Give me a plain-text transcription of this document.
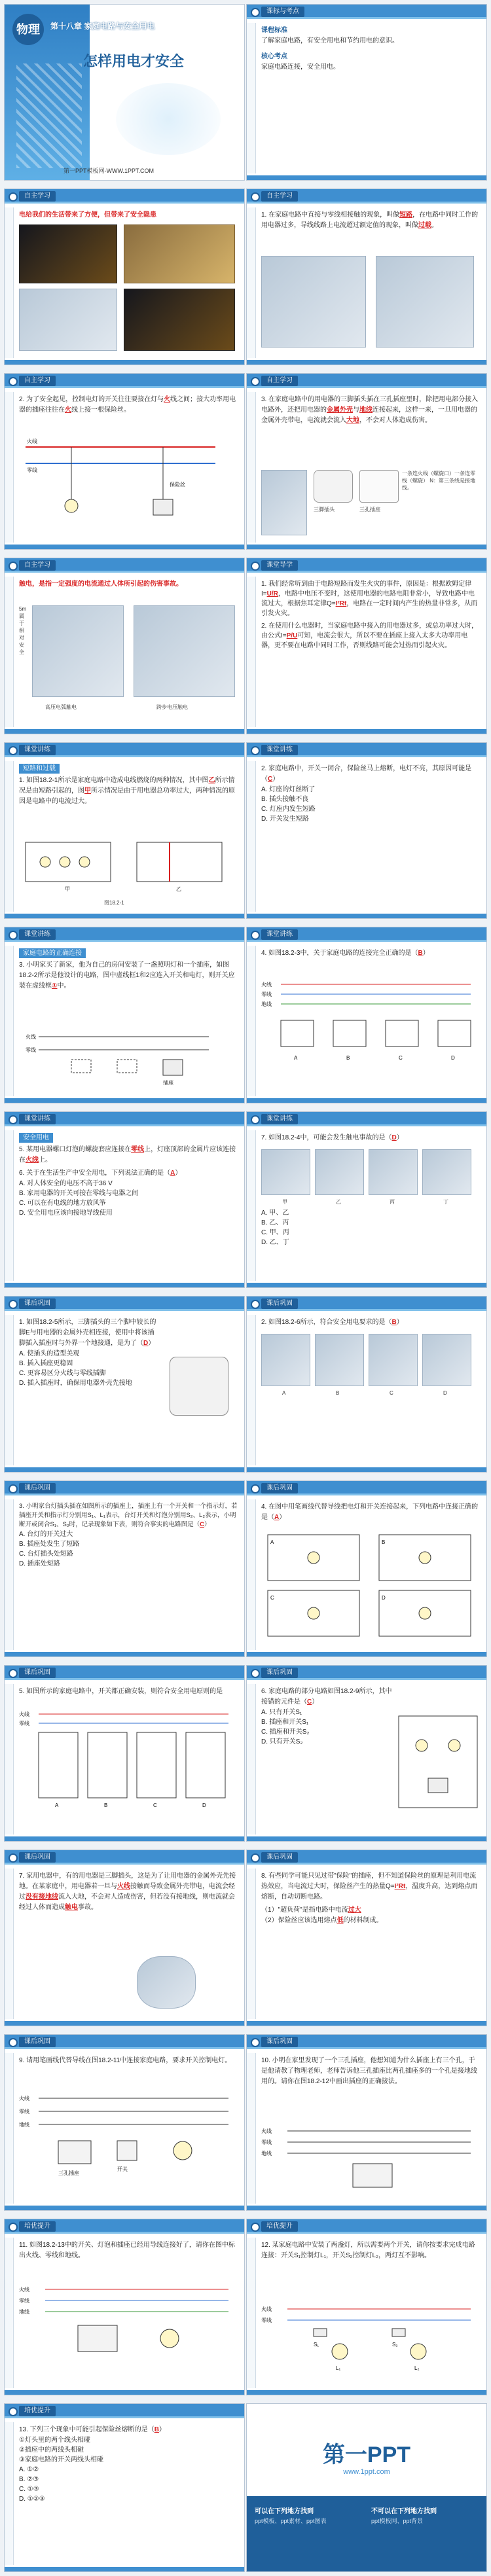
物理	第十八章 家庭电路与安全用电
怎样用电才安全
第一PPT模板网-WWW.1PPT.COM
课标与考点
课程标准
了解家庭电路，有安全用电和节约用电的意识。
核心考点
家庭电路连接，安全用电。
自主学习
电给我们的生活带来了方便，但带来了安全隐患
自主学习
1. 在家庭电路中直接与零线相接触的现象，叫做短路，在电路中同时工作的用电器过多，导线线路上电流超过额定值的现象，叫做过载。
自主学习
2. 为了安全起见，控制电灯的开关往往要接在灯与火线之间；接大功率用电器的插座往往在火线上接一根保险丝。
火线
零线
保险丝
自主学习
3. 在家庭电路中的用电器的三脚插头插在三孔插座里时，除把用电部分接入电路外，还把用电器的金属外壳与地线连接起来，这样一来，一旦用电器的金属外壳带电，电流就会流入大地，不会对人体造成伤害。
三脚插头	三孔插座
一条连火线（螺旋口）一条连零线（螺旋） N：第三条线是接地线。
自主学习
触电，是指一定强度的电流通过人体所引起的伤害事故。
5m属于相对安全
高压电弧触电	跨步电压触电
课堂导学
1. 我们经常听到由于电路短路而发生火灾的事件，原因是：根据欧姆定律I=U/R，电路中电压不变时，这使用电器的电路电阻非常小，导致电路中电流过大，根据焦耳定律Q=I²Rt，电路在一定时间内产生的热量非常多，从而引发火灾。
2. 在使用什么电器时，当家庭电路中接入的用电器过多，或总功率过大时，由公式I=P/U可知，电流会很大，所以不要在插座上接入太多大功率用电器，更不要在电路中同时工作，否则线路可能会过热而引起火灾。
课堂讲练
短路和过载
1. 如图18.2-1所示是家庭电路中造成电线燃烧的两种情况，其中图乙所示情况是由短路引起的，图甲所示情况是由于用电器总功率过大，两种情况的原因是电路中的电流过大。
甲	乙
图18.2-1
课堂讲练
2. 家庭电路中，开关一闭合，保险丝马上熔断，电灯不亮，其原因可能是（C）
A. 灯座的灯丝断了
B. 插头接触不良
C. 灯座内发生短路
D. 开关发生短路
课堂讲练
家庭电路的正确连接
3. 小明家买了新家，他为自己的房间安装了一盏照明灯和一个插座，如图18.2-2所示是他设计的电路，图中虚线框1和2应连入开关和电灯，则开关应装在虚线框①中。
火线
零线
插座
课堂讲练
4. 如图18.2-3中，关于家庭电路的连接完全正确的是（B）
火线
零线
地线
A	B	C	D
课堂讲练
安全用电
5. 某用电器螺口灯泡的螺旋套应连接在零线上，灯座顶部的金属片应该连接在火线上。
6. 关于在生活生产中安全用电，下列说法正确的是（A）
A. 对人体安全的电压不高于36 V
B. 家用电器的开关可接在零线与电器之间
C. 可以在有电线的地方放风筝
D. 安全用电应该向接地导线使用
课堂讲练
7. 如图18.2-4中，可能会发生触电事故的是（D）
甲	乙	丙	丁
A. 甲、乙
B. 乙、丙
C. 甲、丙
D. 乙、丁
课后巩固
1. 如图18.2-5所示，三脚插头的三个脚中较长的脚E与用电器的金属外壳相连接，使用中将该插脚插入插座时与外界一个地接通，是为了（D）
A. 使插头的造型美观
B. 插入插座更稳固
C. 更容易区分火线与零线插脚
D. 插入插座时，确保用电器外壳先接地
课后巩固
2. 如图18.2-6所示，符合安全用电要求的是（B）
A	B	C	D
课后巩固
3. 小明家台灯插头插在如图所示的插座上，插座上有一个开关和一个指示灯，若插座开关和指示灯分别用S₁、L₁表示，台灯开关和灯泡分别用S₂、L₂表示，小明断开或闭合S₁、S₂时，记录现象如下表，则符合事实的电路图是（C）
A. 台灯的开关过大
B. 插座处发生了短路
C. 台灯插头处短路
D. 插座处短路
课后巩固
4. 在图中用笔画线代替导线把电灯和开关连接起来，下列电路中连接正确的是（A）
A	B
C	D
课后巩固
5. 如图所示的家庭电路中，开关都正确安装，则符合安全用电原则的是
火线
零线
A	B	C	D
课后巩固
6. 家庭电路的部分电路如图18.2-9所示，其中接错的元件是（C）
A. 只有开关S₁
B. 插座和开关S₁
C. 插座和开关S₂
D. 只有开关S₂
课后巩固
7. 家用电器中，有的用电器是三脚插头，这是为了让用电器的金属外壳先接地。在某家庭中，用电器若一旦与火线接触而导致金属外壳带电，电流会经过没有接地线流入大地，不会对人造成伤害，但若没有接地线，则电流就会经过人体而造成触电事故。
课后巩固
8. 有些同学可能只见过带"保险"的插座，但不知道保险丝的原理是利用电流热效应，当电流过大时，保险丝产生的热量Q=I²Rt，温度升高，达到熔点而熔断，自动切断电路。
（1）"超负荷"是指电路中电流过大
（2）保险丝应该选用熔点低的材料制成。
课后巩固
9. 请用笔画线代替导线在图18.2-11中连接家庭电路，要求开关控制电灯。
火线
零线
地线
三孔插座
开关
课后巩固
10. 小明在家里发现了一个三孔插座，他想知道为什么插座上有三个孔，于是他请教了物理老师，老师告诉他三孔插座比两孔插座多的一个孔是接地线用的。请你在图18.2-12中画出插座的正确接法。
火线
零线
地线
培优提升
11. 如图18.2-13中的开关、灯泡和插座已经用导线连接好了，请你在图中标出火线、零线和地线。
火线
零线
地线
培优提升
12. 某家庭电路中安装了两盏灯，所以需要两个开关，请你按要求完成电路连接：开关S₁控制灯L₁，开关S₂控制灯L₂，两灯互不影响。
火线
零线
S₁	S₂
L₁	L₂
培优提升
13. 下列三个现象中可能引起保险丝熔断的是（B）
①灯头里的两个线头相碰
②插座中的两线头相碰
③家庭电路的开关两线头相碰
A. ①②
B. ②③
C. ①③
D. ①②③
第一PPT
www.1ppt.com
可以在下列地方找到
ppt模板、ppt素材、ppt图表
不可以在下列地方找到
ppt模板网、ppt背景
